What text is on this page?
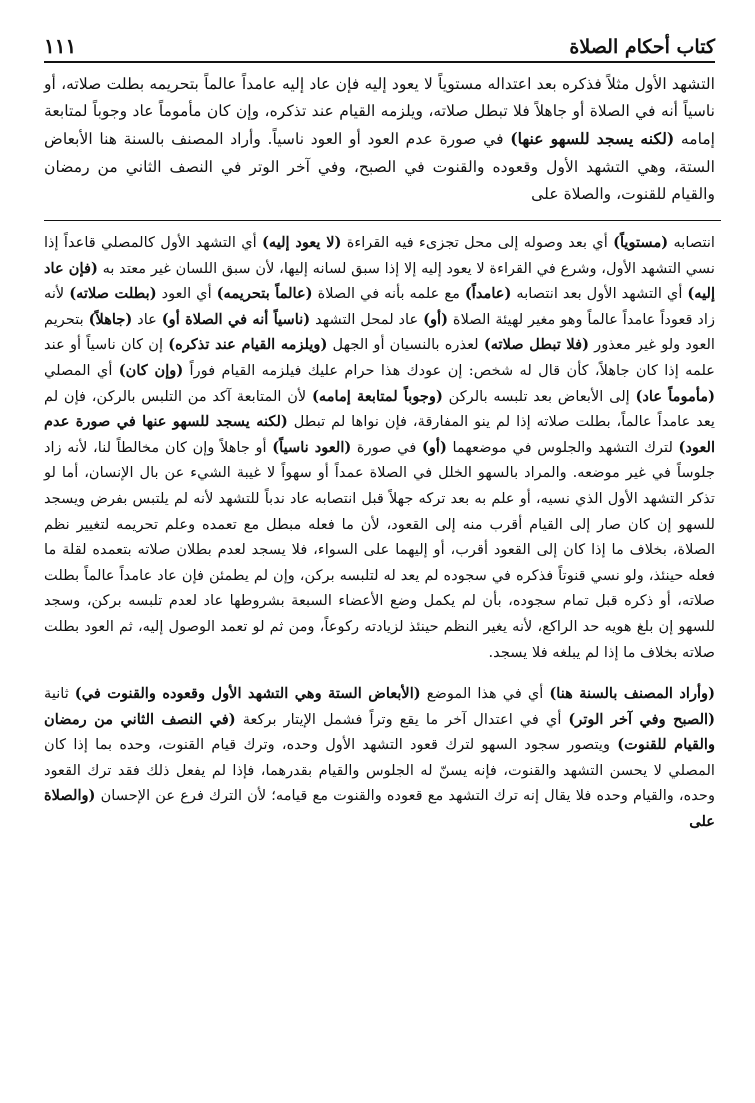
كتاب أحكام الصلاة
١١١

التشهد الأول مثلاً فذكره بعد اعتداله مستوياً لا يعود إليه فإن عاد إليه عامداً عالماً بتحريمه بطلت صلاته، أو ناسياً أنه في الصلاة أو جاهلاً فلا تبطل صلاته، ويلزمه القيام عند تذكره، وإن كان مأموماً عاد وجوباً لمتابعة إمامه (لكنه يسجد للسهو عنها) في صورة عدم العود أو العود ناسياً. وأراد المصنف بالسنة هنا الأبعاض الستة، وهي التشهد الأول وقعوده والقنوت في الصبح، وفي آخر الوتر في النصف الثاني من رمضان والقيام للقنوت، والصلاة على

انتصابه (مستوياً) أي بعد وصوله إلى محل تجزىء فيه القراءة (لا يعود إليه) أي التشهد الأول كالمصلي قاعداً إذا نسي التشهد الأول، وشرع في القراءة لا يعود إليه إلا إذا سبق لسانه إليها، لأن سبق اللسان غير معتد به (فإن عاد إليه) أي التشهد الأول بعد انتصابه (عامداً) مع علمه بأنه في الصلاة (عالماً بتحريمه) أي العود (بطلت صلاته) لأنه زاد قعوداً عامداً عالماً وهو مغير لهيئة الصلاة (أو) عاد لمحل التشهد (ناسياً أنه في الصلاة أو) عاد (جاهلاً) بتحريم العود ولو غير معذور (فلا تبطل صلاته) لعذره بالنسيان أو الجهل (ويلزمه القيام عند تذكره) إن كان ناسياً أو عند علمه إذا كان جاهلاً، كأن قال له شخص: إن عودك هذا حرام عليك فيلزمه القيام فوراً (وإن كان) أي المصلي (مأموماً عاد) إلى الأبعاض بعد تلبسه بالركن (وجوباً لمتابعة إمامه) لأن المتابعة آكد من التلبس بالركن، فإن لم يعد عامداً عالماً، بطلت صلاته إذا لم ينو المفارقة، فإن نواها لم تبطل (لكنه يسجد للسهو عنها في صورة عدم العود) لترك التشهد والجلوس في موضعهما (أو) في صورة (العود ناسياً) أو جاهلاً وإن كان مخالطاً لنا، لأنه زاد جلوساً في غير موضعه. والمراد بالسهو الخلل في الصلاة عمداً أو سهواً لا غيبة الشيء عن بال الإنسان، أما لو تذكر التشهد الأول الذي نسيه، أو علم به بعد تركه جهلاً قبل انتصابه عاد ندباً للتشهد لأنه لم يلتبس بفرض ويسجد للسهو إن كان صار إلى القيام أقرب منه إلى القعود، لأن ما فعله مبطل مع تعمده وعلم تحريمه لتغيير نظم الصلاة، بخلاف ما إذا كان إلى القعود أقرب، أو إليهما على السواء، فلا يسجد لعدم بطلان صلاته بتعمده لقلة ما فعله حينئذ، ولو نسي قنوتاً فذكره في سجوده لم يعد له لتلبسه بركن، وإن لم يطمئن فإن عاد عامداً عالماً بطلت صلاته، أو ذكره قبل تمام سجوده، بأن لم يكمل وضع الأعضاء السبعة بشروطها عاد لعدم تلبسه بركن، وسجد للسهو إن بلغ هويه حد الراكع، لأنه يغير النظم حينئذ لزيادته ركوعاً، ومن ثم لو تعمد الوصول إليه، ثم العود بطلت صلاته بخلاف ما إذا لم يبلغه فلا يسجد.

(وأراد المصنف بالسنة هنا) أي في هذا الموضع (الأبعاض الستة وهي التشهد الأول وقعوده والقنوت في) ثانية (الصبح وفي آخر الوتر) أي في اعتدال آخر ما يقع وتراً فشمل الإيتار بركعة (في النصف الثاني من رمضان والقيام للقنوت) ويتصور سجود السهو لترك قعود التشهد الأول وحده، وترك قيام القنوت، وحده بما إذا كان المصلي لا يحسن التشهد والقنوت، فإنه يسنّ له الجلوس والقيام بقدرهما، فإذا لم يفعل ذلك فقد ترك القعود وحده، والقيام وحده فلا يقال إنه ترك التشهد مع قعوده والقنوت مع قيامه؛ لأن الترك فرع عن الإحسان (والصلاة على
